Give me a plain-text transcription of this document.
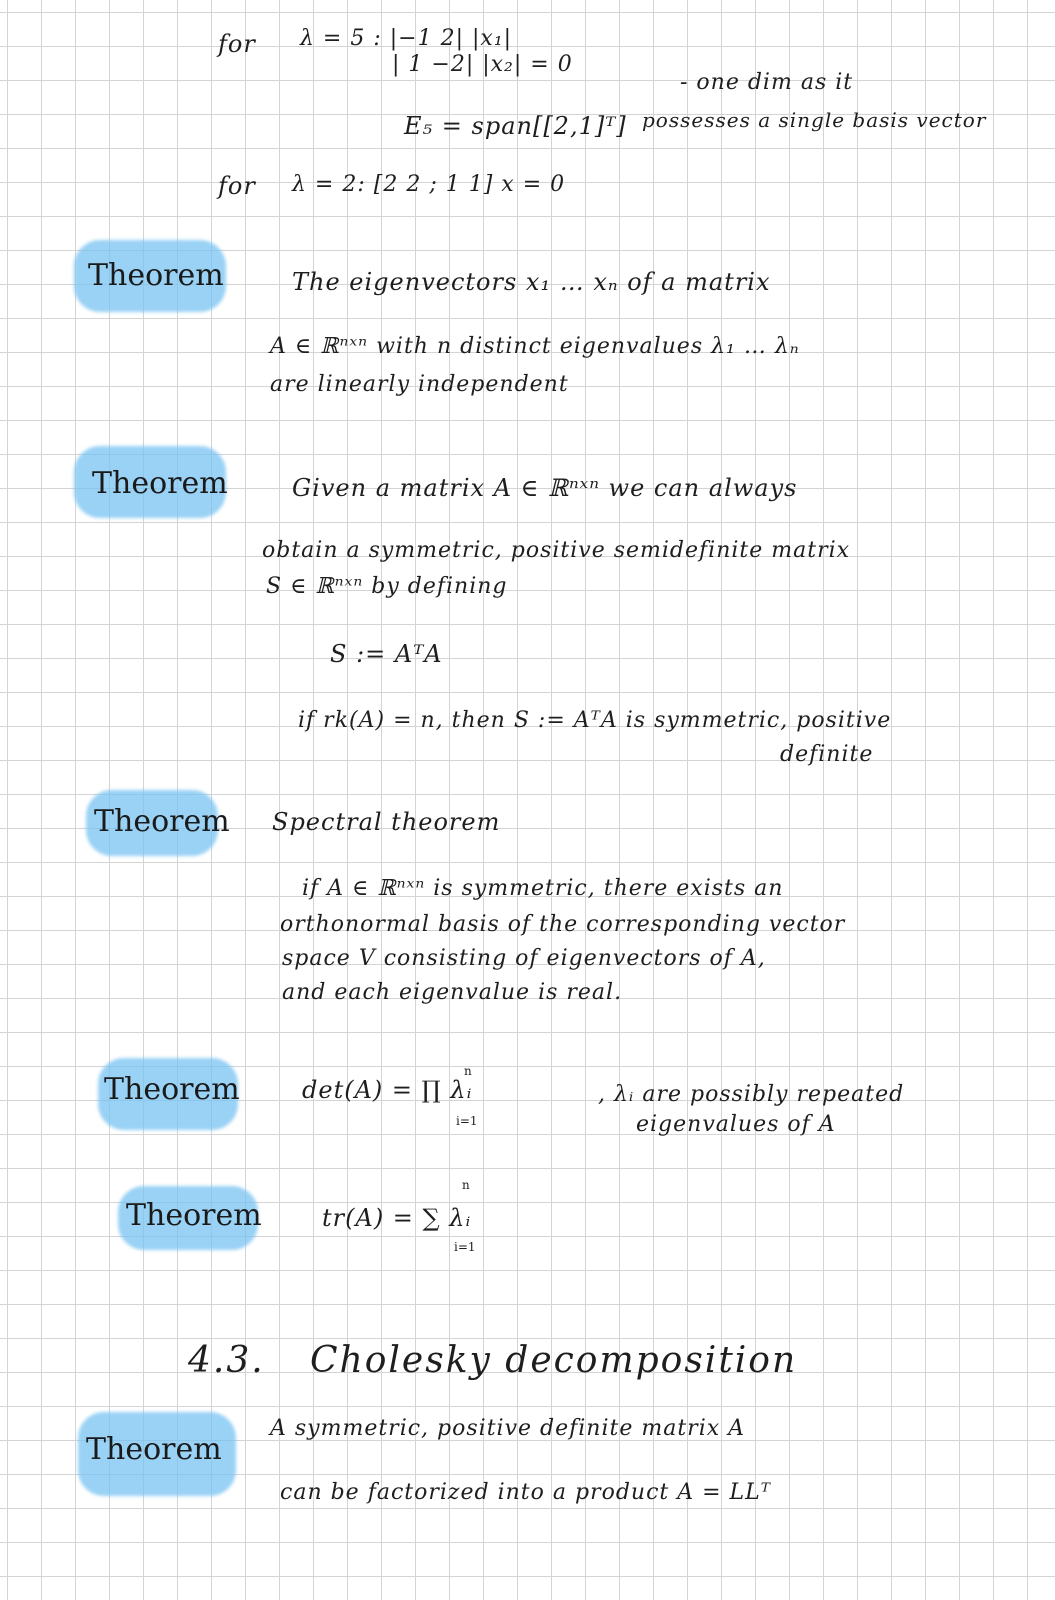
for λ = 5 : |−1 2| |x₁|
| 1 −2| |x₂| = 0
E₅ = span[[2,1]ᵀ]
- one dim as it
possesses a single basis vector
for λ = 2: [2 2 ; 1 1] x = 0
Theorem	The eigenvectors x₁ … xₙ of a matrix
A ∈ ℝⁿˣⁿ with n distinct eigenvalues λ₁ … λₙ
are linearly independent
Theorem	Given a matrix A ∈ ℝⁿˣⁿ we can always
obtain a symmetric, positive semidefinite matrix
S ∈ ℝⁿˣⁿ by defining
S := AᵀA
if rk(A) = n, then S := AᵀA is symmetric, positive
definite
Theorem Spectral theorem
if A ∈ ℝⁿˣⁿ is symmetric, there exists an
orthonormal basis of the corresponding vector
space V consisting of eigenvectors of A,
and each eigenvalue is real.
Theorem	det(A) = ∏ λᵢ
n
i=1
, λᵢ are possibly repeated
eigenvalues of A
Theorem	tr(A) = ∑ λᵢ
n
i=1
4.3. Cholesky decomposition
Theorem
A symmetric, positive definite matrix A
can be factorized into a product A = LLᵀ
